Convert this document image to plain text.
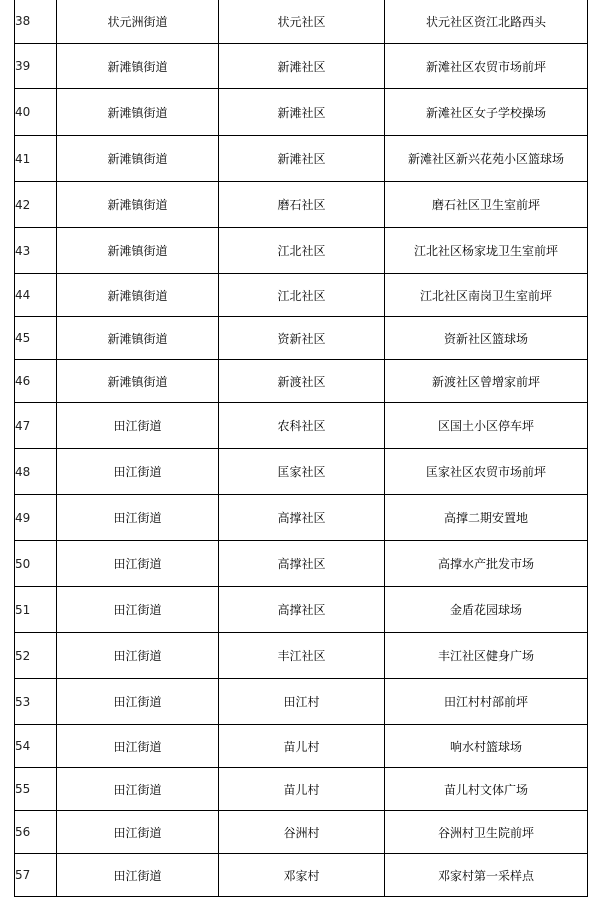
38	状元洲街道	状元社区	状元社区资江北路西头
39	新滩镇街道	新滩社区	新滩社区农贸市场前坪
40	新滩镇街道	新滩社区	新滩社区女子学校操场
41	新滩镇街道	新滩社区	新滩社区新兴花苑小区篮球场
42	新滩镇街道	磨石社区	磨石社区卫生室前坪
43	新滩镇街道	江北社区	江北社区杨家垅卫生室前坪
44	新滩镇街道	江北社区	江北社区南岗卫生室前坪
45	新滩镇街道	资新社区	资新社区篮球场
46	新滩镇街道	新渡社区	新渡社区曾增家前坪
47	田江街道	农科社区	区国土小区停车坪
48	田江街道	匡家社区	匡家社区农贸市场前坪
49	田江街道	高撑社区	高撑二期安置地
50	田江街道	高撑社区	高撑水产批发市场
51	田江街道	高撑社区	金盾花园球场
52	田江街道	丰江社区	丰江社区健身广场
53	田江街道	田江村	田江村村部前坪
54	田江街道	苗儿村	响水村篮球场
55	田江街道	苗儿村	苗儿村文体广场
56	田江街道	谷洲村	谷洲村卫生院前坪
57	田江街道	邓家村	邓家村第一采样点
